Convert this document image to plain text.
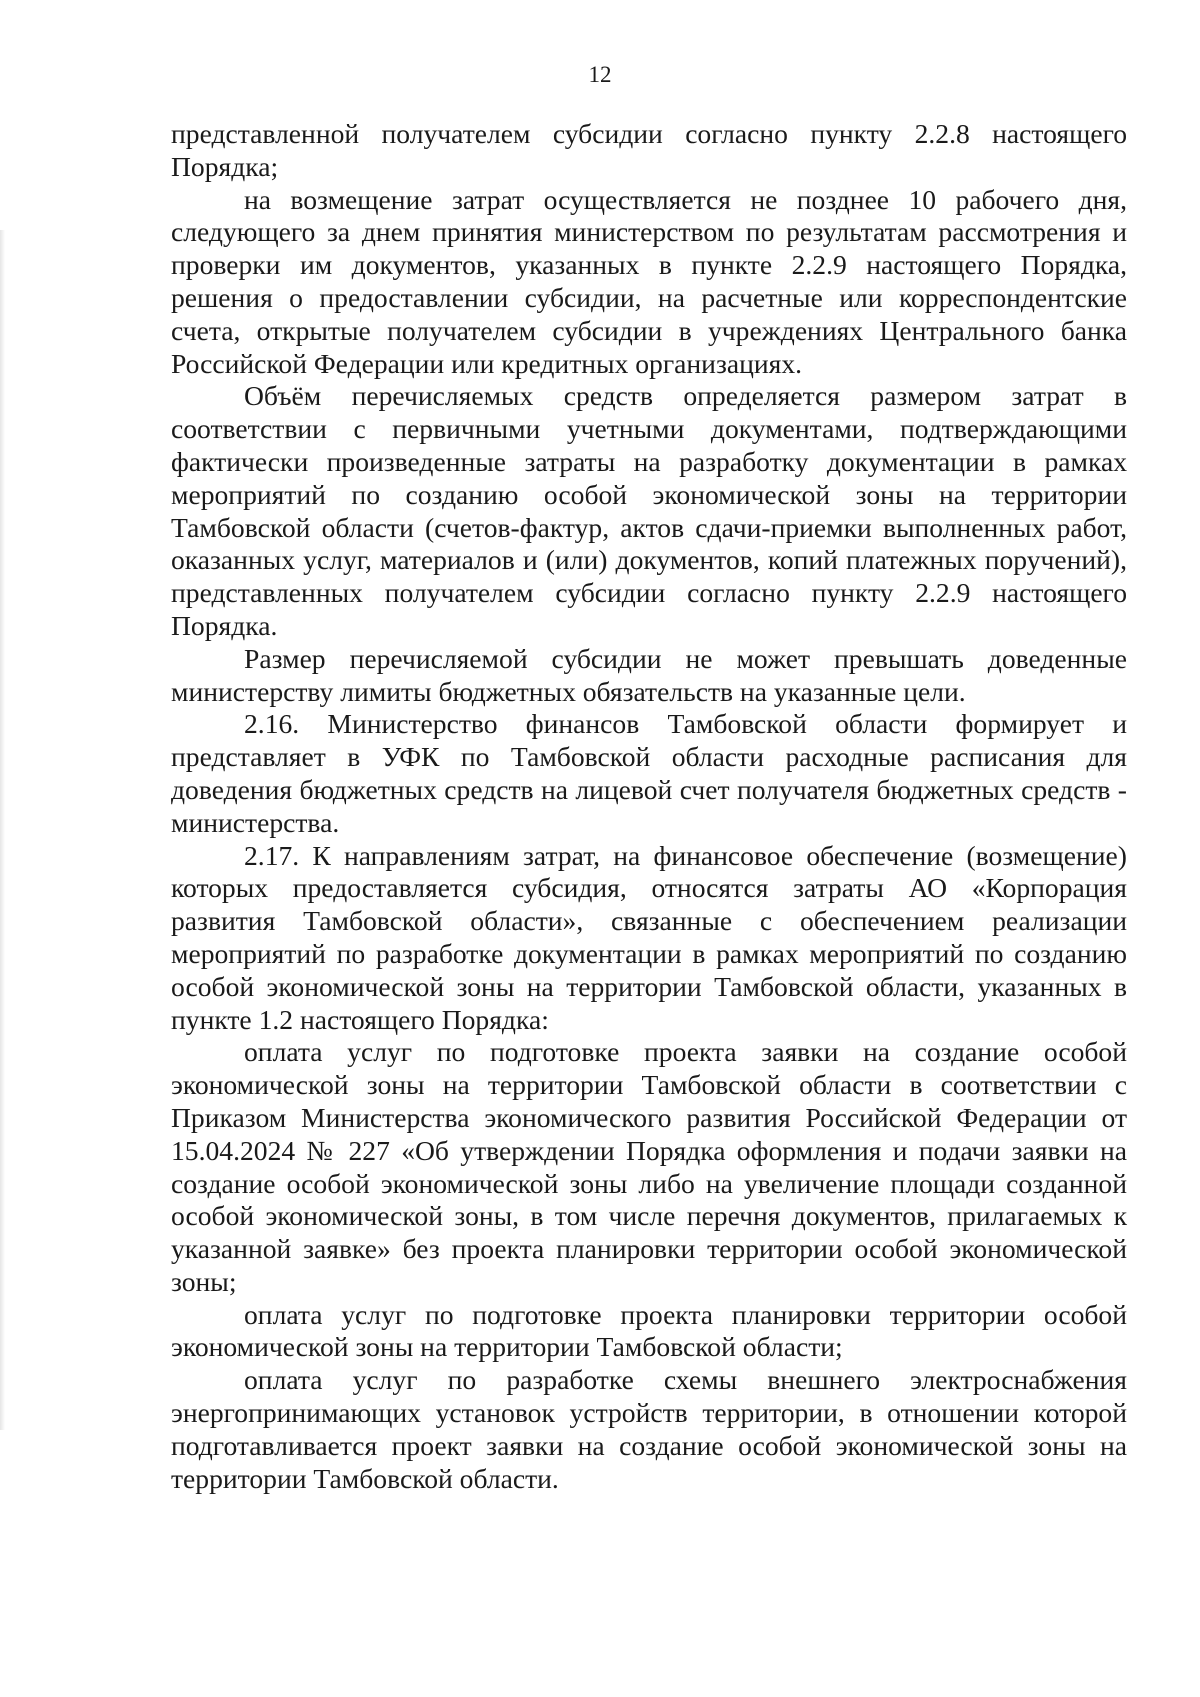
12

представленной получателем субсидии согласно пункту 2.2.8 настоящего Порядка;

на возмещение затрат осуществляется не позднее 10 рабочего дня, следующего за днем принятия министерством по результатам рассмотрения и проверки им документов, указанных в пункте 2.2.9 настоящего Порядка, решения о предоставлении субсидии, на расчетные или корреспондентские счета, открытые получателем субсидии в учреждениях Центрального банка Российской Федерации или кредитных организациях.

Объём перечисляемых средств определяется размером затрат в соответствии с первичными учетными документами, подтверждающими фактически произведенные затраты на разработку документации в рамках мероприятий по созданию особой экономической зоны на территории Тамбовской области (счетов-фактур, актов сдачи-приемки выполненных работ, оказанных услуг, материалов и (или) документов, копий платежных поручений), представленных получателем субсидии согласно пункту 2.2.9 настоящего Порядка.

Размер перечисляемой субсидии не может превышать доведенные министерству лимиты бюджетных обязательств на указанные цели.

2.16. Министерство финансов Тамбовской области формирует и представляет в УФК по Тамбовской области расходные расписания для доведения бюджетных средств на лицевой счет получателя бюджетных средств - министерства.

2.17. К направлениям затрат, на финансовое обеспечение (возмещение) которых предоставляется субсидия, относятся затраты АО «Корпорация развития Тамбовской области», связанные с обеспечением реализации мероприятий по разработке документации в рамках мероприятий по созданию особой экономической зоны на территории Тамбовской области, указанных в пункте 1.2 настоящего Порядка:

оплата услуг по подготовке проекта заявки на создание особой экономической зоны на территории Тамбовской области в соответствии с Приказом Министерства экономического развития Российской Федерации от 15.04.2024 № 227 «Об утверждении Порядка оформления и подачи заявки на создание особой экономической зоны либо на увеличение площади созданной особой экономической зоны, в том числе перечня документов, прилагаемых к указанной заявке» без проекта планировки территории особой экономической зоны;

оплата услуг по подготовке проекта планировки территории особой экономической зоны на территории Тамбовской области;

оплата услуг по разработке схемы внешнего электроснабжения энергопринимающих установок устройств территории, в отношении которой подготавливается проект заявки на создание особой экономической зоны на территории Тамбовской области.
